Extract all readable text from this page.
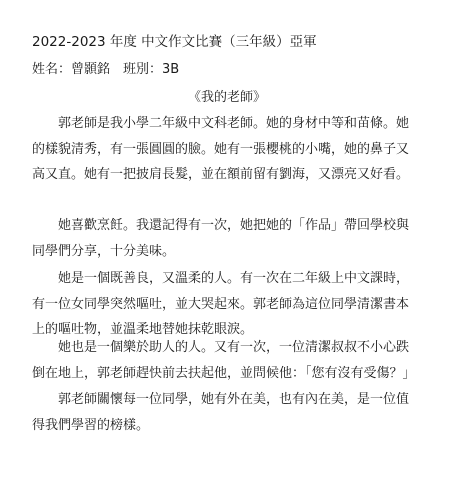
2022-2023 年度 中文作文比賽（三年級）亞軍
姓名：曾顥銘　班別：3B
《我的老師》
郭老師是我小學二年級中文科老師。她的身材中等和苗條。她的樣貌清秀，有一張圓圓的臉。她有一張櫻桃的小嘴，她的鼻子又高又直。她有一把披肩長髮，並在額前留有劉海，又漂亮又好看。
她喜歡烹飪。我還記得有一次，她把她的「作品」帶回學校與同學們分享，十分美味。
她是一個既善良，又溫柔的人。有一次在二年級上中文課時，有一位女同學突然嘔吐，並大哭起來。郭老師為這位同學清潔書本上的嘔吐物，並溫柔地替她抹乾眼淚。
她也是一個樂於助人的人。又有一次，一位清潔叔叔不小心跌倒在地上，郭老師趕快前去扶起他，並問候他：「您有沒有受傷？」
郭老師關懷每一位同學，她有外在美，也有內在美，是一位值得我們學習的榜樣。
